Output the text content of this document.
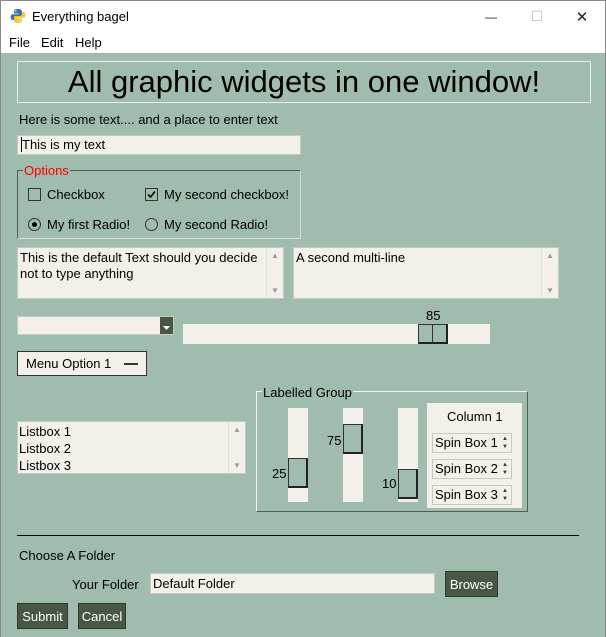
Everything bagel	— ☐ ✕
File Edit Help
All graphic widgets in one window!
Here is some text.... and a place to enter text
This is my text
Options
Checkbox	My second checkbox!
My first Radio!	My second Radio!
This is the default Text should you decide not to type anything
▲
▼
A second multi-line	▲
▼
85
Menu Option 1
Labelled Group
Listbox 1
Listbox 2
Listbox 3
▲
▼
25
75
10
Column 1
Spin Box 1 ▲
▼
Spin Box 2 ▲
▼
Spin Box 3 ▲
▼
Choose A Folder
Your Folder Default Folder	Browse
Submit	Cancel
